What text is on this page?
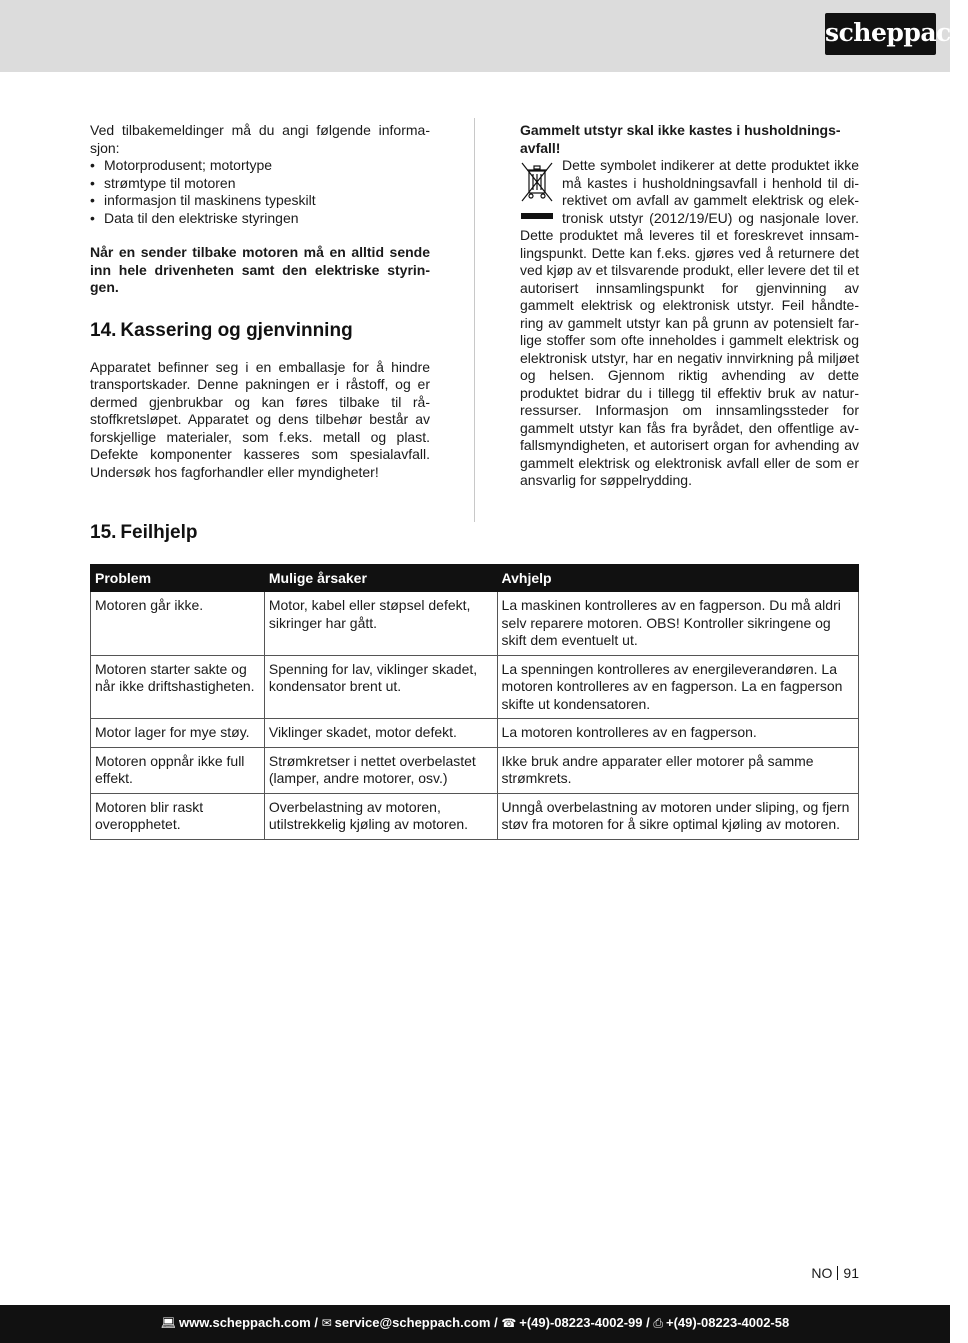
scheppach

Ved tilbakemeldinger må du angi følgende informa-sjon:

• Motorprodusent; motortype
• strømtype til motoren
• informasjon til maskinens typeskilt
• Data til den elektriske styringen

Når en sender tilbake motoren må en alltid sende inn hele drivenheten samt den elektriske styrin-gen.

14. Kassering og gjenvinning

Apparatet befinner seg i en emballasje for å hindre transportskader. Denne pakningen er i råstoff, og er dermed gjenbrukbar og kan føres tilbake til rå-stoffkretsløpet. Apparatet og dens tilbehør består av forskjellige materialer, som f.eks. metall og plast. Defekte komponenter kasseres som spesialavfall. Undersøk hos fagforhandler eller myndigheter!

Gammelt utstyr skal ikke kastes i husholdnings-avfall!

Dette symbolet indikerer at dette produktet ikke må kastes i husholdningsavfall i henhold til di-rektivet om avfall av gammelt elektrisk og elek-tronisk utstyr (2012/19/EU) og nasjonale lover. Dette produktet må leveres til et foreskrevet innsam-lingspunkt. Dette kan f.eks. gjøres ved å returnere det ved kjøp av et tilsvarende produkt, eller levere det til et autorisert innsamlingspunkt for gjenvinning av gammelt elektrisk og elektronisk utstyr. Feil håndte-ring av gammelt utstyr kan på grunn av potensielt far-lige stoffer som ofte inneholdes i gammelt elektrisk og elektronisk utstyr, har en negativ innvirkning på miljøet og helsen. Gjennom riktig avhending av dette produktet bidrar du i tillegg til effektiv bruk av natur-ressurser. Informasjon om innsamlingssteder for gammelt utstyr kan fås fra byrådet, den offentlige av-fallsmyndigheten, et autorisert organ for avhending av gammelt elektrisk og elektronisk avfall eller de som er ansvarlig for søppelrydding.

15. Feilhjelp
Problem	Mulige årsaker	Avhjelp
Motoren går ikke.	Motor, kabel eller støpsel defekt, sikringer har gått.	La maskinen kontrolleres av en fagperson. Du må aldri selv reparere motoren. OBS! Kontroller sikringene og skift dem eventuelt ut.
Motoren starter sakte og når ikke driftshastigheten.	Spenning for lav, viklinger skadet, kondensator brent ut.	La spenningen kontrolleres av energileverandøren. La motoren kontrolleres av en fagperson. La en fagperson skifte ut kondensatoren.
Motor lager for mye støy.	Viklinger skadet, motor defekt.	La motoren kontrolleres av en fagperson.
Motoren oppnår ikke full effekt.	Strømkretser i nettet overbelastet (lamper, andre motorer, osv.)	Ikke bruk andre apparater eller motorer på samme strømkrets.
Motoren blir raskt overopphetet.	Overbelastning av motoren, utilstrekkelig kjøling av motoren.	Unngå overbelastning av motoren under sliping, og fjern støv fra motoren for å sikre optimal kjøling av motoren.
NO 91
💻︎ www.scheppach.com / ✉ service@scheppach.com / ☎ +(49)-08223-4002-99 / ⎙ +(49)-08223-4002-58
